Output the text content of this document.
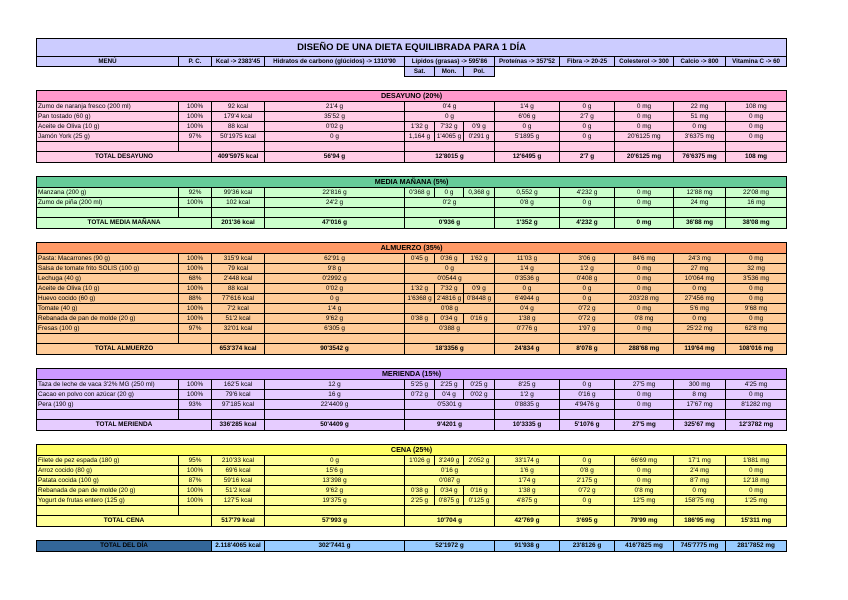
DISEÑO DE UNA DIETA EQUILIBRADA PARA 1 DÍA											
MENÚ	P. C.	Kcal -> 2383'45	Hidratos de carbono (glúcidos) -> 1310'90	Lípidos (grasas) -> 595'86			Proteínas -> 357'52	Fibra -> 20-25	Colesterol -> 300	Calcio -> 800	Vitamina C -> 60
				Sat.	Mon.	Pol.					

DESAYUNO (20%)											
Zumo de naranja fresco (200 ml)	100%	92 kcal	21'4 g	0'4 g			1'4 g	0 g	0 mg	22 mg	108 mg
Pan tostado (60 g)	100%	179'4 kcal	35'52 g	0 g			6'06 g	2'7 g	0 mg	51 mg	0 mg
Aceite de Oliva (10 g)	100%	88 kcal	0'02 g	1'32 g	7'32 g	0'9 g	0 g	0 g	0 mg	0 mg	0 mg
Jamón York (25 g)	97%	50'1975 kcal	0 g	1,164 g	1'4065 g	0'291 g	5'1895 g	0 g	20'6125 mg	3'6375 mg	0 mg

TOTAL DESAYUNO		409'5975 kcal	56'94 g	12'8015 g			12'6495 g	2'7 g	20'6125 mg	76'6375 mg	108 mg

MEDIA MAÑANA (5%)											
Manzana (200 g)	92%	99'36 kcal	22'816 g	0'368 g	0 g	0,368 g	0,552 g	4'232 g	0 mg	12'88 mg	22'08 mg
Zumo de piña (200 ml)	100%	102 kcal	24'2 g	0'2 g			0'8 g	0 g	0 mg	24 mg	16 mg

TOTAL MEDIA MAÑANA		201'36 kcal	47'016 g	0'936 g			1'352 g	4'232 g	0 mg	36'88 mg	38'08 mg

ALMUERZO (35%)											
Pasta: Macarrones (90 g)	100%	315'9 kcal	62'91 g	0'45 g	0'36 g	1'62 g	11'03 g	3'06 g	84'6 mg	24'3 mg	0 mg
Salsa de tomate frito SOLIS (100 g)	100%	79 kcal	9'8 g	0 g			1'4 g	1'2 g	0 mg	27 mg	32 mg
Lechuga (40 g)	68%	2'448 kcal	0'2992 g	0'0544 g			0'3536 g	0'408 g	0 mg	10'064 mg	3'536 mg
Aceite de Oliva (10 g)	100%	88 kcal	0'02 g	1'32 g	7'32 g	0'9 g	0 g	0 g	0 mg	0 mg	0 mg
Huevo cocido (60 g)	88%	77'616 kcal	0 g	1'6368 g	2'4816 g	0'8448 g	6'4944 g	0 g	203'28 mg	27'456 mg	0 mg
Tomate (40 g)	100%	7'2 kcal	1'4 g	0'08 g			0'4 g	0'72 g	0 mg	5'6 mg	9'68 mg
Rebanada de pan de molde (20 g)	100%	51'2 kcal	9'62 g	0'38 g	0'34 g	0'16 g	1'38 g	0'72 g	0'8 mg	0 mg	0 mg
Fresas (100 g)	97%	32'01 kcal	6'305 g	0'388 g			0'776 g	1'97 g	0 mg	25'22 mg	62'8 mg

TOTAL ALMUERZO		653'374 kcal	90'3542 g	18'3356 g			24'834 g	8'078 g	288'68 mg	119'64 mg	108'016 mg

MERIENDA (15%)											
Taza de leche de vaca 3'2% MG (250 ml)	100%	162'5 kcal	12 g	5'25 g	2'25 g	0'25 g	8'25 g	0 g	27'5 mg	300 mg	4'25 mg
Cacao en polvo con azúcar (20 g)	100%	79'6 kcal	16 g	0'72 g	0'4 g	0'02 g	1'2 g	0'16 g	0 mg	8 mg	0 mg
Pera (190 g)	93%	97'185 kcal	22'4409 g	0'5301 g			0'8835 g	4'9476 g	0 mg	17'67 mg	8'1282 mg

TOTAL MERIENDA		336'285 kcal	50'4409 g	9'4201 g			10'3335 g	5'1076 g	27'5 mg	325'67 mg	12'3782 mg

CENA (25%)											
Filete de pez espada (180 g)	95%	210'33 kcal	0 g	1'026 g	3'249 g	2'052 g	33'174 g	0 g	66'69 mg	17'1 mg	1'881 mg
Arroz cocido (80 g)	100%	69'6 kcal	15'6 g	0'16 g			1'6 g	0'8 g	0 mg	2'4 mg	0 mg
Patata cocida (100 g)	87%	59'16 kcal	13'398 g	0'087 g			1'74 g	2'175 g	0 mg	8'7 mg	12'18 mg
Rebanada de pan de molde (20 g)	100%	51'2 kcal	9'62 g	0'38 g	0'34 g	0'16 g	1'38 g	0'72 g	0'8 mg	0 mg	0 mg
Yogurt de frutas entero (125 g)	100%	127'5 kcal	19'375 g	2'25 g	0'875 g	0'125 g	4'875 g	0 g	12'5 mg	158'75 mg	1'25 mg

TOTAL CENA		517'79 kcal	57'993 g	10'704 g			42'769 g	3'695 g	79'99 mg	186'95 mg	15'311 mg

TOTAL DEL DÍA		2.118'4065 kcal	302'7441 g	52'1972 g			91'938 g	23'8126 g	416'7825 mg	745'7775 mg	281'7852 mg
